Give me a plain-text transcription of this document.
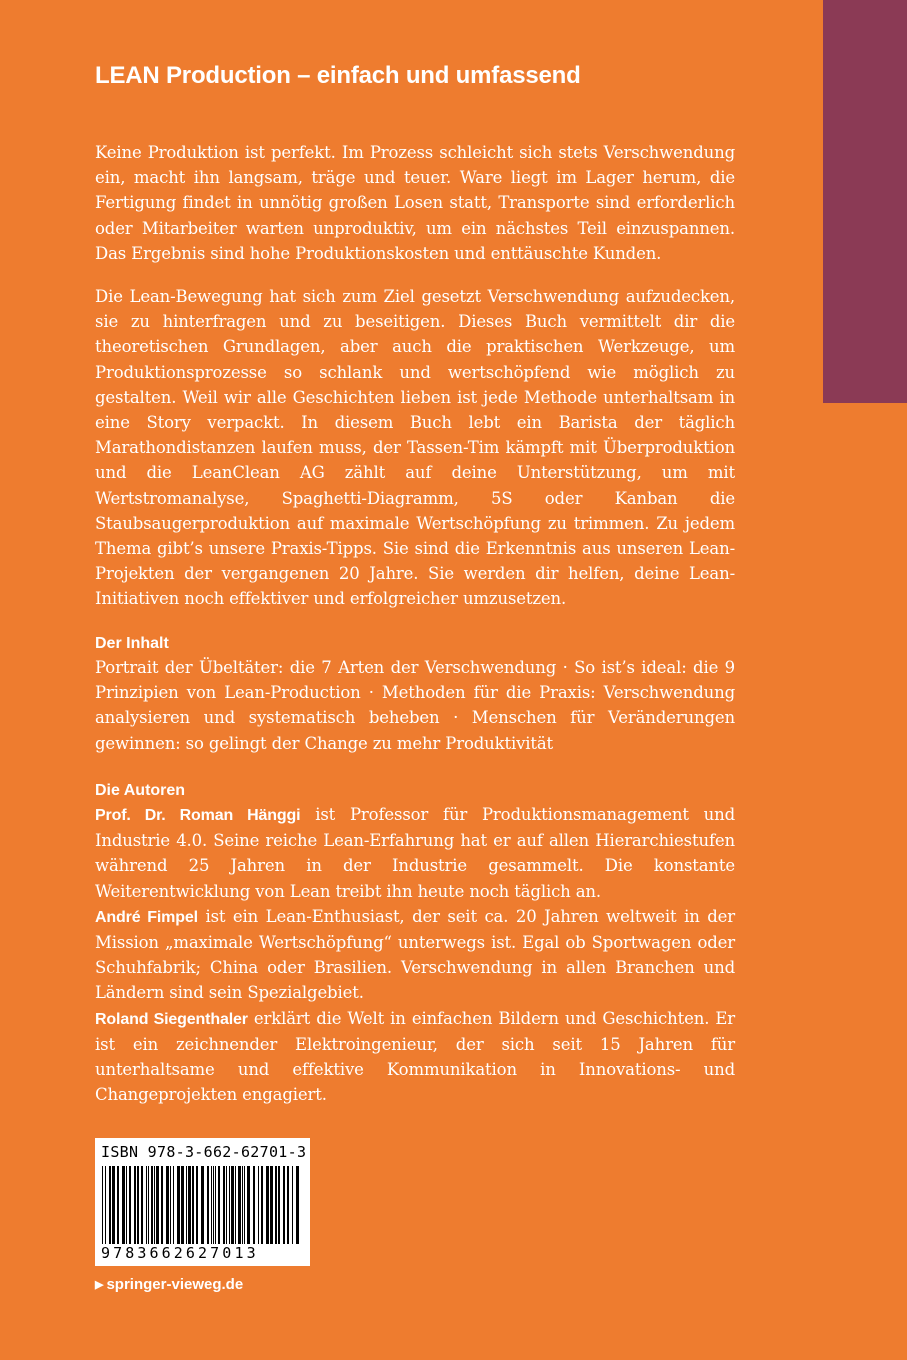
LEAN Production – einfach und umfassend

Keine Produktion ist perfekt. Im Prozess schleicht sich stets Verschwendung ein, macht ihn langsam, träge und teuer. Ware liegt im Lager herum, die Fertigung findet in unnötig großen Losen statt, Transporte sind erforderlich oder Mitarbeiter warten unproduktiv, um ein nächstes Teil einzuspannen. Das Ergebnis sind hohe Produktionskosten und enttäuschte Kunden.

Die Lean-Bewegung hat sich zum Ziel gesetzt Verschwendung aufzudecken, sie zu hinterfragen und zu beseitigen. Dieses Buch vermittelt dir die theoretischen Grundlagen, aber auch die praktischen Werkzeuge, um Produktionsprozesse so schlank und wertschöpfend wie möglich zu gestalten. Weil wir alle Geschichten lieben ist jede Methode unterhaltsam in eine Story verpackt. In diesem Buch lebt ein Barista der täglich Marathondistanzen laufen muss, der Tassen-Tim kämpft mit Überproduktion und die LeanClean AG zählt auf deine Unterstützung, um mit Wertstromanalyse, Spaghetti-Diagramm, 5S oder Kanban die Staubsaugerproduktion auf maximale Wertschöpfung zu trimmen. Zu jedem Thema gibt’s unsere Praxis-Tipps. Sie sind die Erkenntnis aus unseren Lean-Projekten der vergangenen 20 Jahre. Sie werden dir helfen, deine Lean-Initiativen noch effektiver und erfolgreicher umzusetzen.

Der Inhalt

Portrait der Übeltäter: die 7 Arten der Verschwendung · So ist’s ideal: die 9 Prinzipien von Lean-Production · Methoden für die Praxis: Verschwendung analysieren und systematisch beheben · Menschen für Veränderungen gewinnen: so gelingt der Change zu mehr Produktivität

Die Autoren

Prof. Dr. Roman Hänggi ist Professor für Produktionsmanagement und Industrie 4.0. Seine reiche Lean-Erfahrung hat er auf allen Hierarchiestufen während 25 Jahren in der Industrie gesammelt. Die konstante Weiterentwicklung von Lean treibt ihn heute noch täglich an.

André Fimpel ist ein Lean-Enthusiast, der seit ca. 20 Jahren weltweit in der Mission „maximale Wertschöpfung“ unterwegs ist. Egal ob Sportwagen oder Schuhfabrik; China oder Brasilien. Verschwendung in allen Branchen und Ländern sind sein Spezialgebiet.

Roland Siegenthaler erklärt die Welt in einfachen Bildern und Geschichten. Er ist ein zeichnender Elektroingenieur, der sich seit 15 Jahren für unterhaltsame und effektive Kommunikation in Innovations- und Changeprojekten engagiert.

ISBN 978-3-662-62701-3
9783662627013
▶ springer-vieweg.de
